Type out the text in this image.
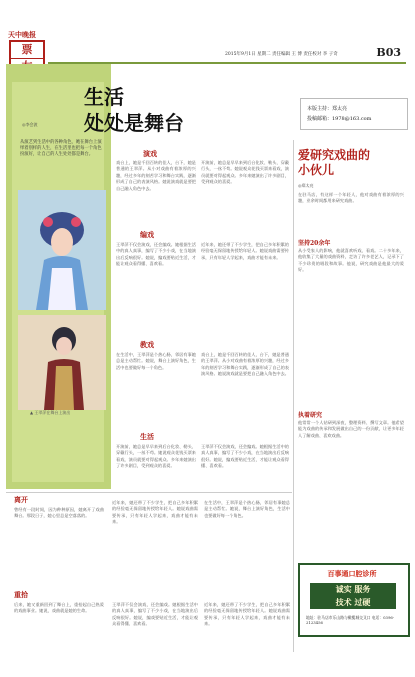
天中晚报
票	2015年9月1日 星期二 责任编辑 王 博 责任校对 李 子奇	B03
生活
处处是舞台
◎李会波
从演艺到生活中的各种角色，她在舞台上演绎着别样的人生，在生活里也把每一个角色扮演好，让自己的人生处处都是舞台。
▲ 王翠萍在舞台上演出
本版主持：郑太亮
投稿邮箱：1978@163.com
演戏
戏台上，她是千回百转的佳人，台下，她是普通的王翠萍。从小对戏曲有着浓厚的兴趣，经过多年的刻苦学习和舞台实践，逐渐形成了自己的表演风格。她说演戏就是要把自己融入角色中去。
开演前，她总是早早来到后台化妆、勒头、穿戴行头，一丝不苟。她说观众花钱买票来看戏，演员就要对得起观众。多年来她演出了许多剧目，受到观众的喜爱。
编戏
王翠萍不仅会演戏，还会编戏。她根据生活中的真人真事，编写了不少小戏，在当地演出后反响很好。她说，编戏要贴近生活，才能让观众看得懂、喜欢看。
近年来，她还带了不少学生，把自己多年积累的经验毫无保留地传授给年轻人。她说戏曲需要传承，只有年轻人学起来，戏曲才能有未来。
教戏
在生活中，王翠萍是个热心肠，邻居有事她总是主动帮忙。她说，舞台上演好角色，生活中也要做好每一个角色。
戏台上，她是千回百转的佳人，台下，她是普通的王翠萍。从小对戏曲有着浓厚的兴趣，经过多年的刻苦学习和舞台实践，逐渐形成了自己的表演风格。她说演戏就是要把自己融入角色中去。
生活
开演前，她总是早早来到后台化妆、勒头、穿戴行头，一丝不苟。她说观众花钱买票来看戏，演员就要对得起观众。多年来她演出了许多剧目，受到观众的喜爱。
王翠萍不仅会演戏，还会编戏。她根据生活中的真人真事，编写了不少小戏，在当地演出后反响很好。她说，编戏要贴近生活，才能让观众看得懂、喜欢看。
离开
曾经有一段时间，因为种种原因，她离开了戏曲舞台。那段日子，她心里总是空落落的。
近年来，她还带了不少学生，把自己多年积累的经验毫无保留地传授给年轻人。她说戏曲需要传承，只有年轻人学起来，戏曲才能有未来。
在生活中，王翠萍是个热心肠，邻居有事她总是主动帮忙。她说，舞台上演好角色，生活中也要做好每一个角色。
重拾
后来，她又重新回到了舞台上，重拾起自己热爱的戏曲事业。她说，戏曲就是她的生命。
王翠萍不仅会演戏，还会编戏。她根据生活中的真人真事，编写了不少小戏，在当地演出后反响很好。她说，编戏要贴近生活，才能让观众看得懂、喜欢看。
近年来，她还带了不少学生，把自己多年积累的经验毫无保留地传授给年轻人。她说戏曲需要传承，只有年轻人学起来，戏曲才能有未来。
爱研究戏曲的
小伙儿
◎郑太亮
在驻马店，有这样一个年轻人，他对戏曲有着浓厚的兴趣，业余时间都用来研究戏曲。
坚持20余年
从小受家人的影响，他就喜欢听戏、看戏。二十多年来，他收集了大量的戏曲资料，走访了许多老艺人，记录下了不少珍贵的唱段和故事。他说，研究戏曲是他最大的爱好。
执着研究
他常常一个人钻研到深夜，整理资料、撰写文章。他希望能为戏曲的传承和发展做出自己的一份贡献，让更多年轻人了解戏曲、喜欢戏曲。
百事通口腔诊所
诚实 服务
技术 过硬
地址：驻马店市乐山路与橄榄城交叉口 电话：0396-2123456
